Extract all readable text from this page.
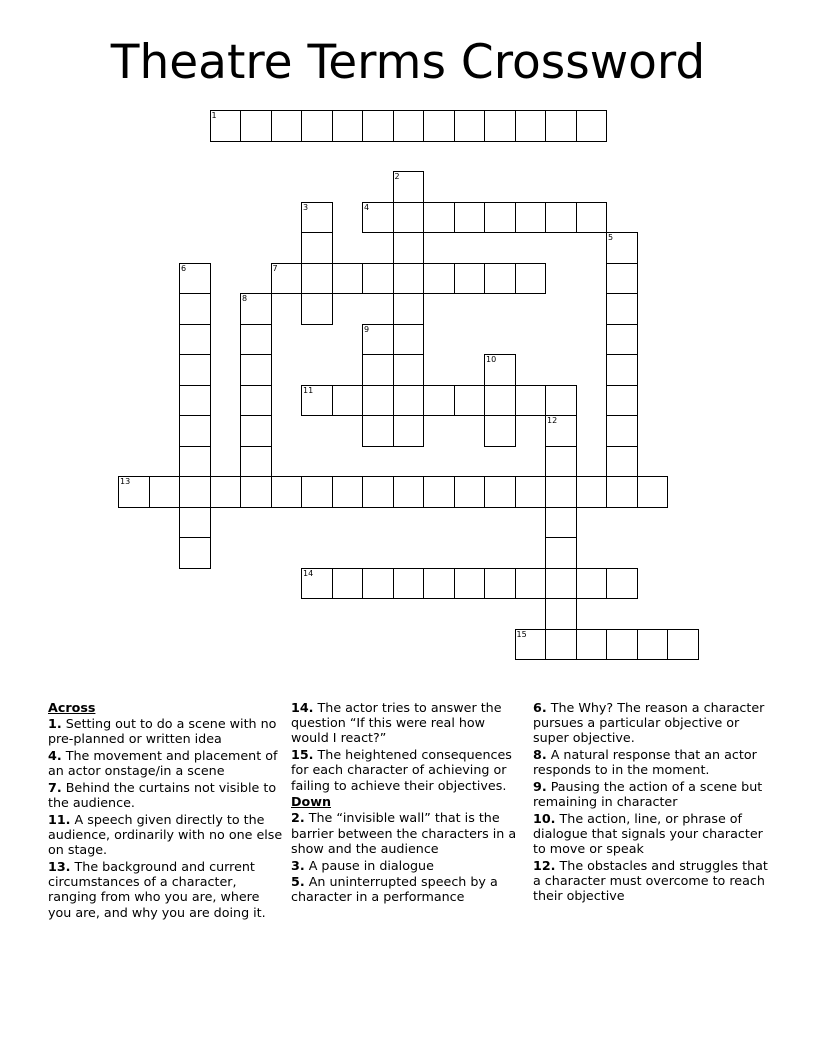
Theatre Terms Crossword
1
2
3	4
5
6	7
8
9
10
11
12
13
14
15
Across
1. Setting out to do a scene with no pre-planned or written idea
4. The movement and placement of an actor onstage/in a scene
7. Behind the curtains not visible to the audience.
11. A speech given directly to the audience, ordinarily with no one else on stage.
13. The background and current circumstances of a character, ranging from who you are, where you are, and why you are doing it.
14. The actor tries to answer the question “If this were real how would I react?”
15. The heightened consequences for each character of achieving or failing to achieve their objectives.
Down
2. The “invisible wall” that is the barrier between the characters in a show and the audience
3. A pause in dialogue
5. An uninterrupted speech by a character in a performance
6. The Why? The reason a character pursues a particular objective or super objective.
8. A natural response that an actor responds to in the moment.
9. Pausing the action of a scene but remaining in character
10. The action, line, or phrase of dialogue that signals your character to move or speak
12. The obstacles and struggles that a character must overcome to reach their objective
